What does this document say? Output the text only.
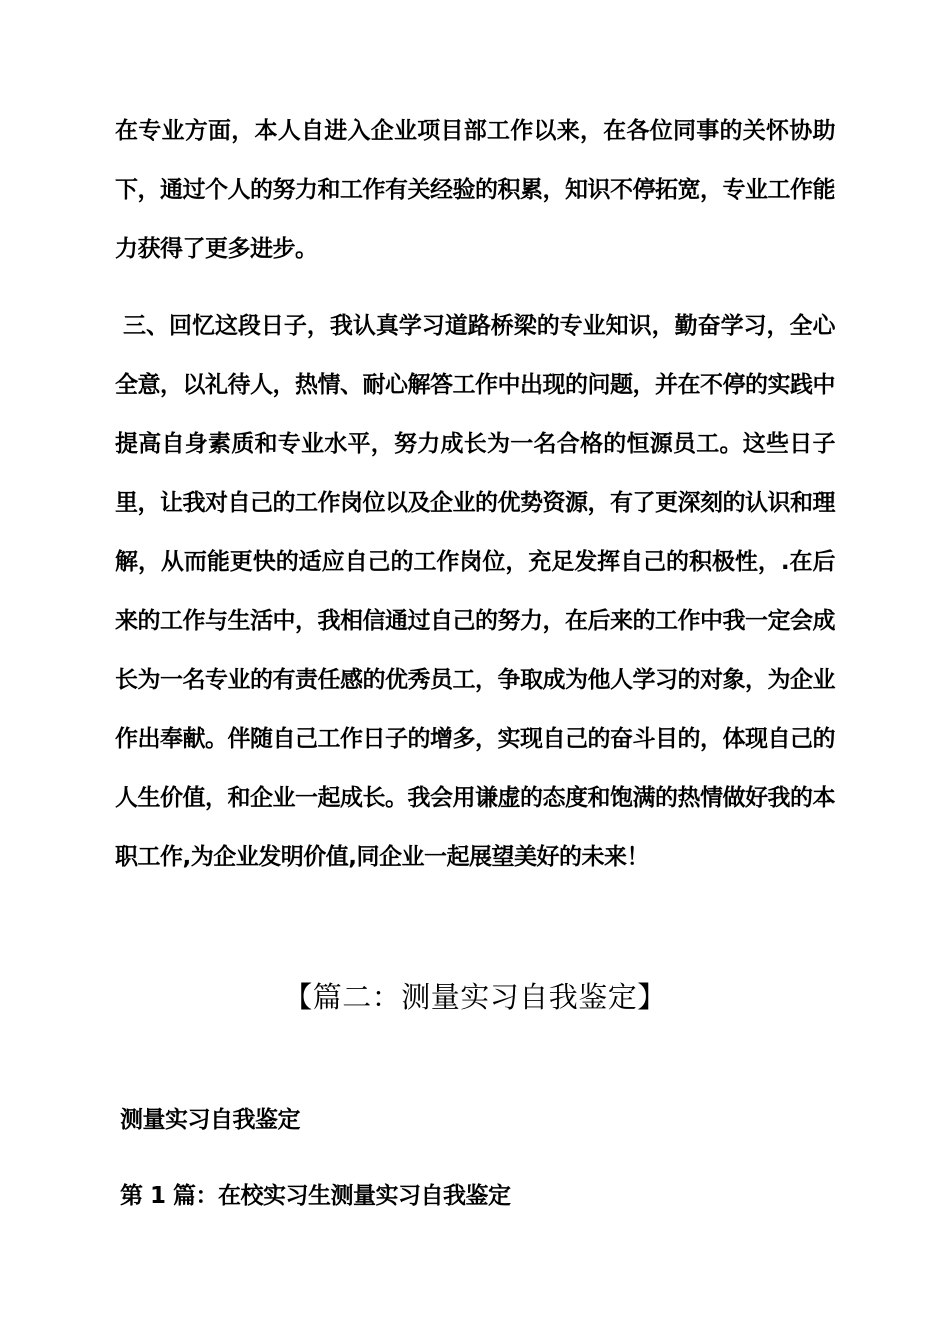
在专业方面，本人自进入企业项目部工作以来，在各位同事的关怀协助下，通过个人的努力和工作有关经验的积累，知识不停拓宽，专业工作能力获得了更多进步。

三、回忆这段日子，我认真学习道路桥梁的专业知识，勤奋学习，全心全意，以礼待人，热情、耐心解答工作中出现的问题，并在不停的实践中提高自身素质和专业水平，努力成长为一名合格的恒源员工。这些日子里，让我对自己的工作岗位以及企业的优势资源，有了更深刻的认识和理解，从而能更快的适应自己的工作岗位，充足发挥自己的积极性，.在后来的工作与生活中，我相信通过自己的努力，在后来的工作中我一定会成长为一名专业的有责任感的优秀员工，争取成为他人学习的对象，为企业作出奉献。伴随自己工作日子的增多，实现自己的奋斗目的，体现自己的人生价值，和企业一起成长。我会用谦虚的态度和饱满的热情做好我的本职工作,为企业发明价值,同企业一起展望美好的未来！

【篇二：测量实习自我鉴定】
测量实习自我鉴定
第 1 篇：在校实习生测量实习自我鉴定
